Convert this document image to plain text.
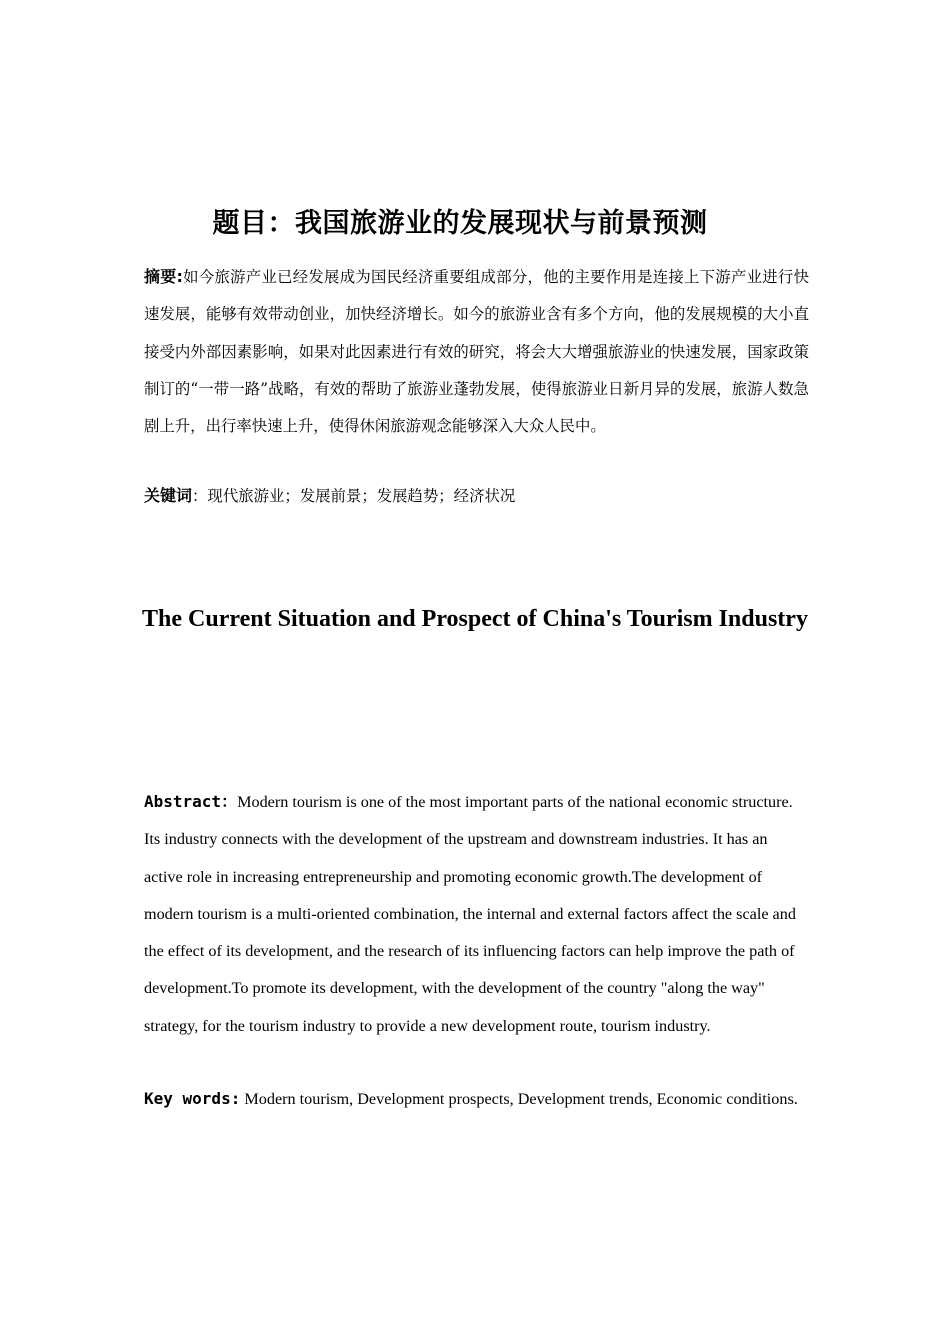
题目：我国旅游业的发展现状与前景预测
摘要:如今旅游产业已经发展成为国民经济重要组成部分，他的主要作用是连接上下游产业进行快速发展，能够有效带动创业，加快经济增长。如今的旅游业含有多个方向，他的发展规模的大小直接受内外部因素影响，如果对此因素进行有效的研究，将会大大增强旅游业的快速发展，国家政策制订的“一带一路”战略，有效的帮助了旅游业蓬勃发展，使得旅游业日新月异的发展，旅游人数急剧上升，出行率快速上升，使得休闲旅游观念能够深入大众人民中。
关键词：现代旅游业；发展前景；发展趋势；经济状况
The Current Situation and Prospect of China's Tourism Industry
Abstract：Modern tourism is one of the most important parts of the national economic structure. Its industry connects with the development of the upstream and downstream industries. It has an active role in increasing entrepreneurship and promoting economic growth.The development of modern tourism is a multi-oriented combination, the internal and external factors affect the scale and the effect of its development, and the research of its influencing factors can help improve the path of development.To promote its development, with the development of the country "along the way" strategy, for the tourism industry to provide a new development route, tourism industry.
Key words: Modern tourism, Development prospects, Development trends, Economic conditions.
